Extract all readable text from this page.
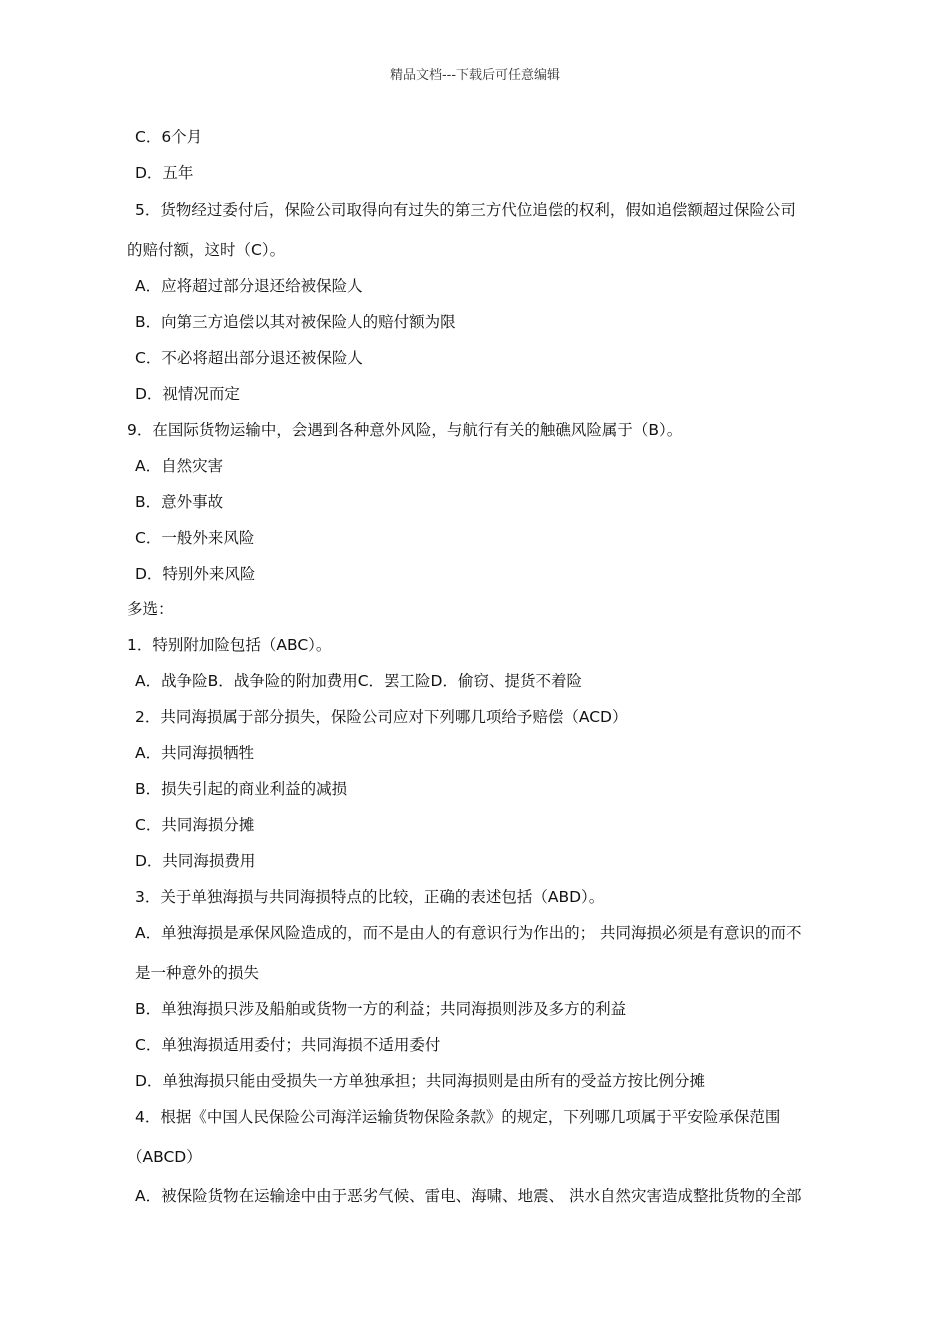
精品文档---下载后可任意编辑
C．6个月
D．五年
5．货物经过委付后，保险公司取得向有过失的第三方代位追偿的权利，假如追偿额超过保险公司
的赔付额，这时（C）。
A．应将超过部分退还给被保险人
B．向第三方追偿以其对被保险人的赔付额为限
C．不必将超出部分退还被保险人
D．视情况而定
9．在国际货物运输中，会遇到各种意外风险，与航行有关的触礁风险属于（B）。
A．自然灾害
B．意外事故
C．一般外来风险
D．特别外来风险
多选：
1．特别附加险包括（ABC）。
A．战争险B．战争险的附加费用C．罢工险D．偷窃、提货不着险
2．共同海损属于部分损失，保险公司应对下列哪几项给予赔偿（ACD）
A．共同海损牺牲
B．损失引起的商业利益的减损
C．共同海损分摊
D．共同海损费用
3．关于单独海损与共同海损特点的比较，正确的表述包括（ABD）。
A．单独海损是承保风险造成的，而不是由人的有意识行为作出的； 共同海损必须是有意识的而不
是一种意外的损失
B．单独海损只涉及船舶或货物一方的利益；共同海损则涉及多方的利益
C．单独海损适用委付；共同海损不适用委付
D．单独海损只能由受损失一方单独承担；共同海损则是由所有的受益方按比例分摊
4．根据《中国人民保险公司海洋运输货物保险条款》的规定，下列哪几项属于平安险承保范围
（ABCD）
A．被保险货物在运输途中由于恶劣气候、雷电、海啸、地震、 洪水自然灾害造成整批货物的全部
